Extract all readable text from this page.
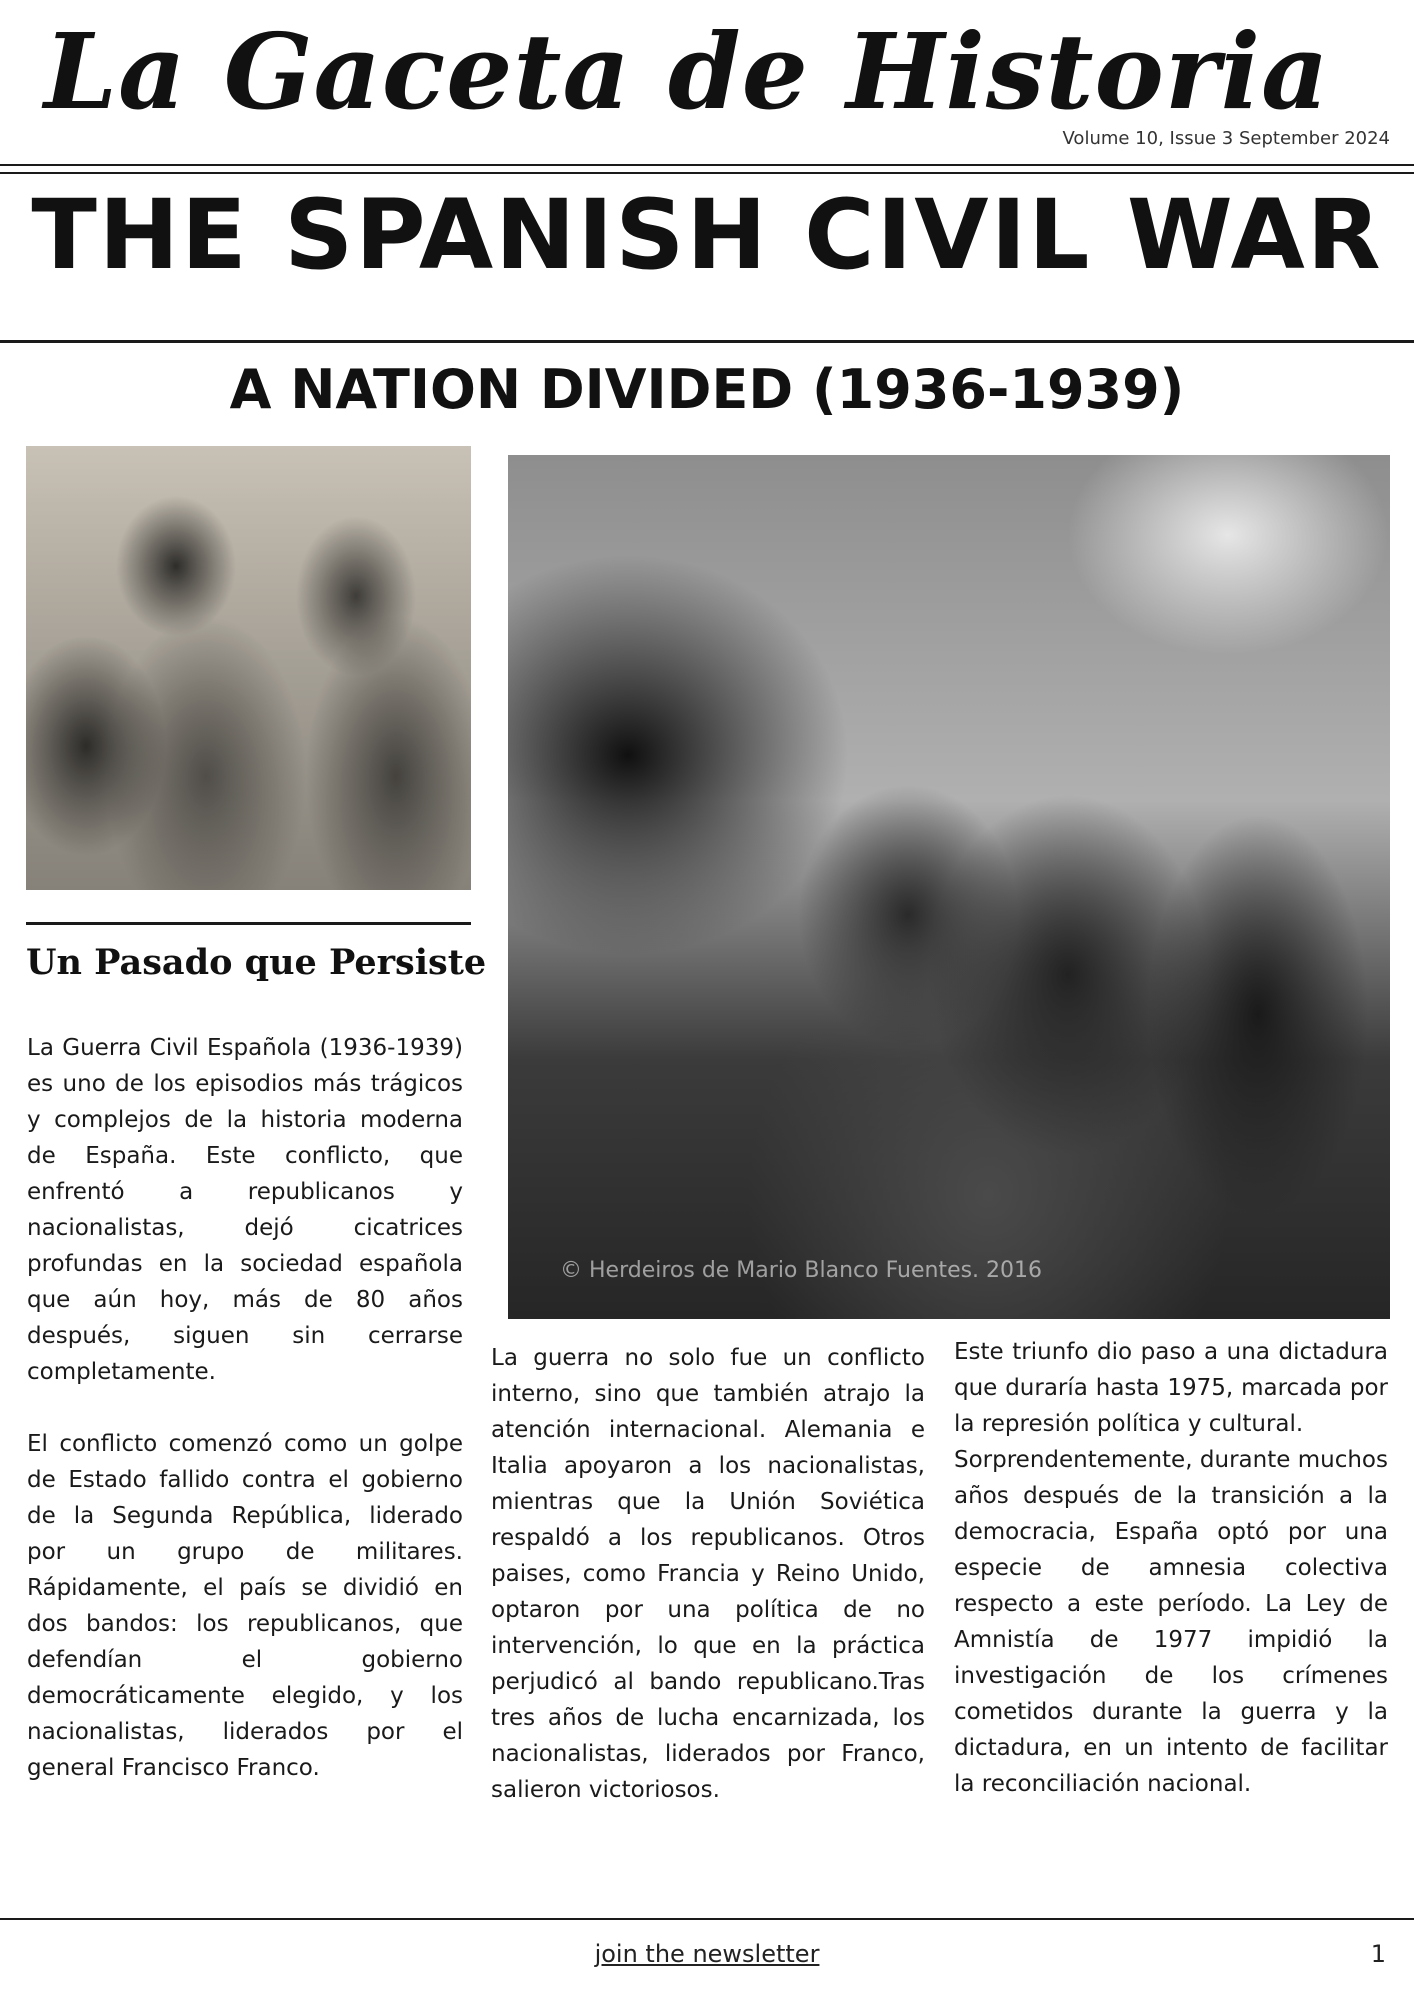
La Gaceta de Historia
Volume 10, Issue 3 September 2024
THE SPANISH CIVIL WAR
A NATION DIVIDED (1936-1939)
© Herdeiros de Mario Blanco Fuentes. 2016
Un Pasado que Persiste

La Guerra Civil Española (1936-1939) es uno de los episodios más trágicos y complejos de la historia moderna de España. Este conflicto, que enfrentó a republicanos y nacionalistas, dejó cicatrices profundas en la sociedad española que aún hoy, más de 80 años después, siguen sin cerrarse completamente.

El conflicto comenzó como un golpe de Estado fallido contra el gobierno de la Segunda República, liderado por un grupo de militares. Rápidamente, el país se dividió en dos bandos: los republicanos, que defendían el gobierno democráticamente elegido, y los nacionalistas, liderados por el general Francisco Franco.

La guerra no solo fue un conflicto interno, sino que también atrajo la atención internacional. Alemania e Italia apoyaron a los nacionalistas, mientras que la Unión Soviética respaldó a los republicanos. Otros paises, como Francia y Reino Unido, optaron por una política de no intervención, lo que en la práctica perjudicó al bando republicano.Tras tres años de lucha encarnizada, los nacionalistas, liderados por Franco, salieron victoriosos.

Este triunfo dio paso a una dictadura que duraría hasta 1975, marcada por la represión política y cultural.

Sorprendentemente, durante muchos años después de la transición a la democracia, España optó por una especie de amnesia colectiva respecto a este período. La Ley de Amnistía de 1977 impidió la investigación de los crímenes cometidos durante la guerra y la dictadura, en un intento de facilitar la reconciliación nacional.

join the newsletter	1
